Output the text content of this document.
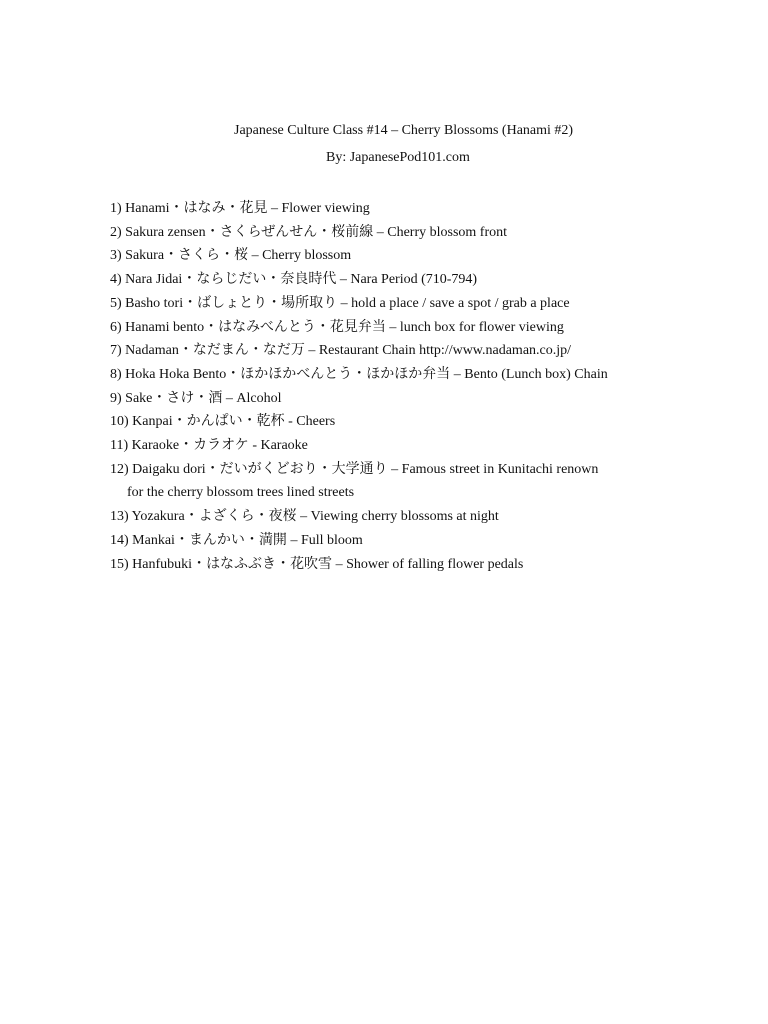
Japanese Culture Class #14 – Cherry Blossoms (Hanami #2)
By: JapanesePod101.com
1) Hanami・はなみ・花見 – Flower viewing
2) Sakura zensen・さくらぜんせん・桜前線 – Cherry blossom front
3) Sakura・さくら・桜 – Cherry blossom
4) Nara Jidai・ならじだい・奈良時代 – Nara Period (710-794)
5) Basho tori・ばしょとり・場所取り – hold a place / save a spot / grab a place
6) Hanami bento・はなみべんとう・花見弁当 – lunch box for flower viewing
7) Nadaman・なだまん・なだ万 – Restaurant Chain http://www.nadaman.co.jp/
8) Hoka Hoka Bento・ほかほかべんとう・ほかほか弁当 – Bento (Lunch box) Chain
9) Sake・さけ・酒 – Alcohol
10) Kanpai・かんぱい・乾杯 - Cheers
11) Karaoke・カラオケ - Karaoke
12) Daigaku dori・だいがくどおり・大学通り – Famous street in Kunitachi renown
for the cherry blossom trees lined streets
13) Yozakura・よざくら・夜桜 – Viewing cherry blossoms at night
14) Mankai・まんかい・満開 – Full bloom
15) Hanfubuki・はなふぶき・花吹雪 – Shower of falling flower pedals
